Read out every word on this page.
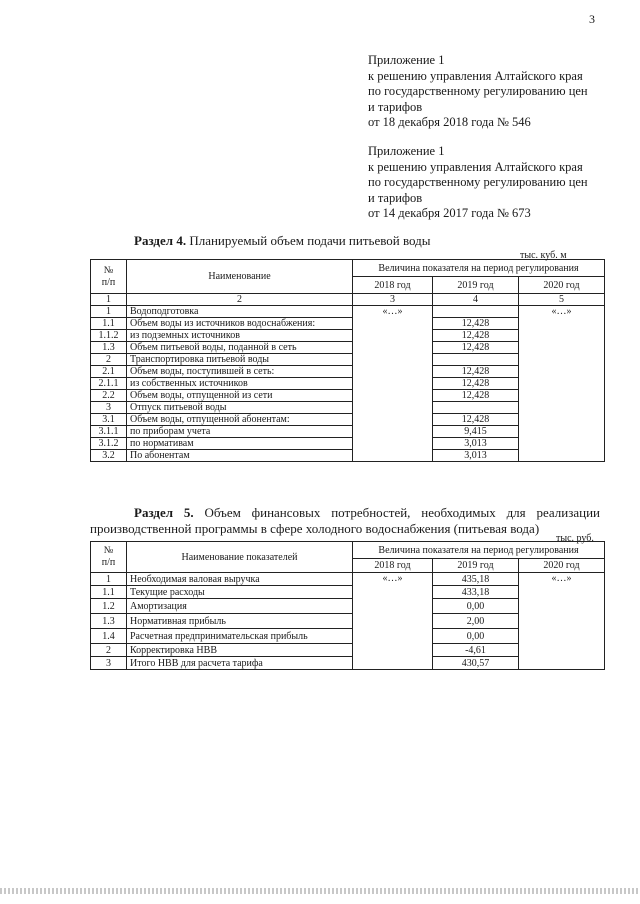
3
Приложение 1
к решению управления Алтайского края
по государственному регулированию цен
и тарифов
от 18 декабря 2018 года № 546
Приложение 1
к решению управления Алтайского края
по государственному регулированию цен
и тарифов
от 14 декабря 2017 года № 673
Раздел 4. Планируемый объем подачи питьевой воды
тыс. куб. м
№
п/п	Наименование	Величина показателя на период регулирования		
		2018 год	2019 год	2020 год
1	2	3	4	5
1	Водоподготовка	«…»		«…»
1.1	Объем воды из источников водоснабжения:		12,428	
1.1.2	из подземных источников		12,428	
1.3	Объем питьевой воды, поданной в сеть		12,428	
2	Транспортировка питьевой воды			
2.1	Объем воды, поступившей в сеть:		12,428	
2.1.1	из собственных источников		12,428	
2.2	Объем воды, отпущенной из сети		12,428	
3	Отпуск питьевой воды			
3.1	Объем воды, отпущенной абонентам:		12,428	
3.1.1	по приборам учета		9,415	
3.1.2	по нормативам		3,013	
3.2	По абонентам		3,013	
Раздел 5. Объем финансовых потребностей, необходимых для реализации производственной программы в сфере холодного водоснабжения (питьевая вода)
тыс. руб.
№
п/п	Наименование показателей	Величина показателя на период регулирования		
		2018 год	2019 год	2020 год
1	Необходимая валовая выручка	«…»	435,18	«…»
1.1	Текущие расходы		433,18	
1.2	Амортизация		0,00	
1.3	Нормативная прибыль		2,00	
1.4	Расчетная предпринимательская прибыль		0,00	
2	Корректировка НВВ		-4,61	
3	Итого НВВ для расчета тарифа		430,57	
